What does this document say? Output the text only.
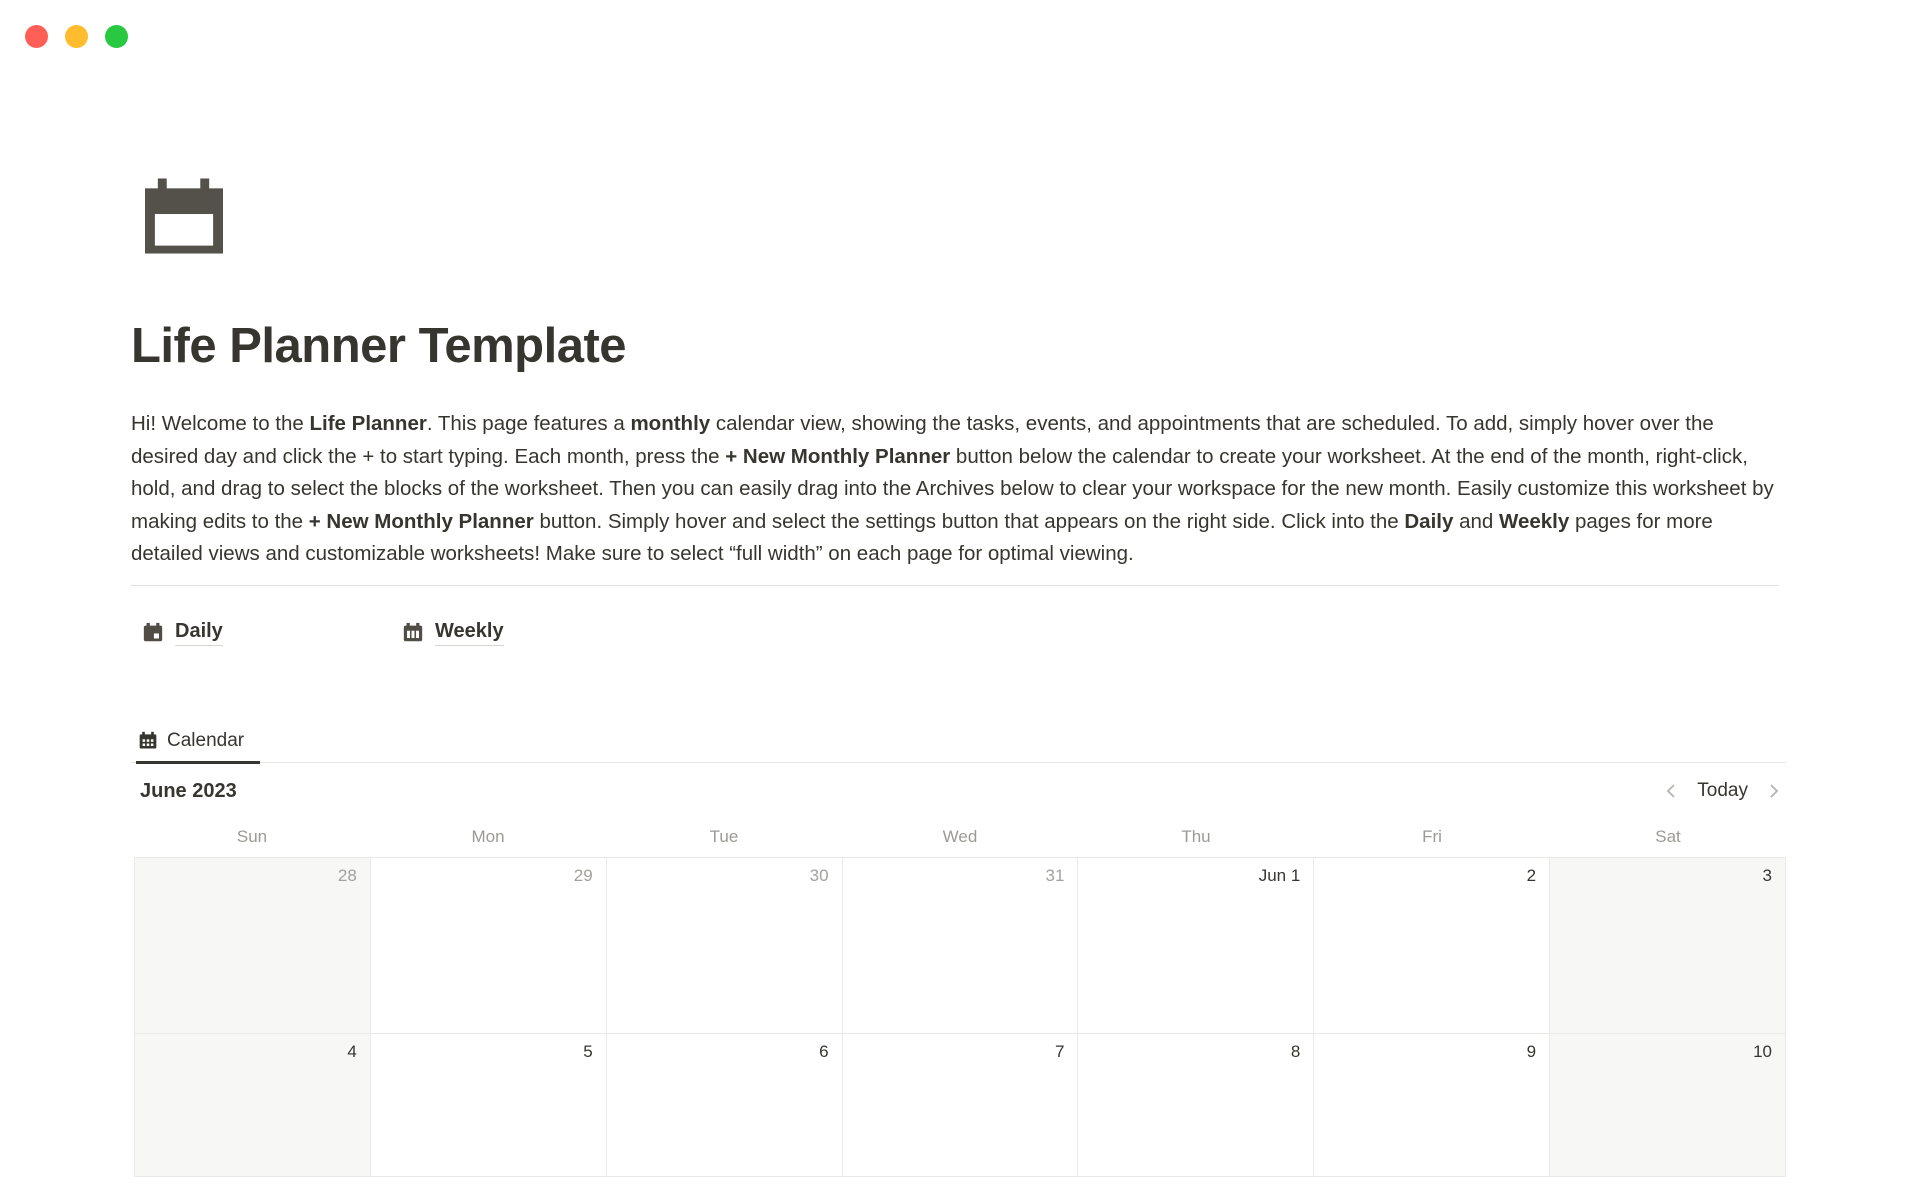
Life Planner Template

Hi! Welcome to the Life Planner. This page features a monthly calendar view, showing the tasks, events, and appointments that are scheduled. To add, simply hover over the desired day and click the + to start typing. Each month, press the + New Monthly Planner button below the calendar to create your worksheet. At the end of the month, right-click, hold, and drag to select the blocks of the worksheet. Then you can easily drag into the Archives below to clear your workspace for the new month. Easily customize this worksheet by making edits to the + New Monthly Planner button. Simply hover and select the settings button that appears on the right side. Click into the Daily and Weekly pages for more detailed views and customizable worksheets! Make sure to select “full width” on each page for optimal viewing.

Daily	Weekly
Calendar
June 2023	Today
Sun	Mon	Tue	Wed	Thu	Fri	Sat
28	29	30	31	Jun 1	2	3
4	5	6	7	8	9	10
